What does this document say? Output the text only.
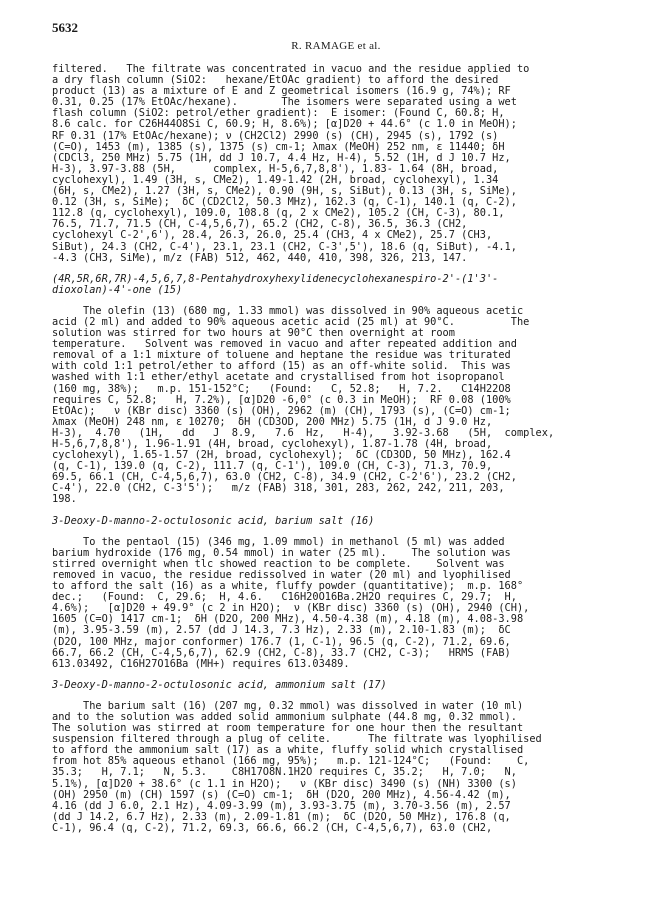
5632
R. RAMAGE et al.
filtered.   The filtrate was concentrated in vacuo and the residue applied to
a dry flash column (SiO2:   hexane/EtOAc gradient) to afford the desired
product (13) as a mixture of E and Z geometrical isomers (16.9 g, 74%); RF
0.31, 0.25 (17% EtOAc/hexane).       The isomers were separated using a wet
flash column (SiO2: petrol/ether gradient):  E isomer: (Found C, 60.8; H,
8.6 calc. for C26H44O8Si C, 60.9; H, 8.6%); [α]D20 + 44.6° (c 1.0 in MeOH);
RF 0.31 (17% EtOAc/hexane); ν (CH2Cl2) 2990 (s) (CH), 2945 (s), 1792 (s)
(C=O), 1453 (m), 1385 (s), 1375 (s) cm-1; λmax (MeOH) 252 nm, ε 11440; δH
(CDCl3, 250 MHz) 5.75 (1H, dd J 10.7, 4.4 Hz, H-4), 5.52 (1H, d J 10.7 Hz,
H-3), 3.97-3.88 (5H,      complex, H-5,6,7,8,8'), 1.83- 1.64 (8H, broad,
cyclohexyl), 1.49 (3H, s, CMe2), 1.49-1.42 (2H, broad, cyclohexyl), 1.34
(6H, s, CMe2), 1.27 (3H, s, CMe2), 0.90 (9H, s, SiBut), 0.13 (3H, s, SiMe),
0.12 (3H, s, SiMe);  δC (CD2Cl2, 50.3 MHz), 162.3 (q, C-1), 140.1 (q, C-2),
112.8 (q, cyclohexyl), 109.0, 108.8 (q, 2 x CMe2), 105.2 (CH, C-3), 80.1,
76.5, 71.7, 71.5 (CH, C-4,5,6,7), 65.2 (CH2, C-8), 36.5, 36.3 (CH2,
cyclohexyl C-2',6'), 28.4, 26.3, 26.0, 25.4 (CH3, 4 x CMe2), 25.7 (CH3,
SiBut), 24.3 (CH2, C-4'), 23.1, 23.1 (CH2, C-3',5'), 18.6 (q, SiBut), -4.1,
-4.3 (CH3, SiMe), m/z (FAB) 512, 462, 440, 410, 398, 326, 213, 147.
(4R,5R,6R,7R)-4,5,6,7,8-Pentahydroxyhexylidenecyclohexanespiro-2'-(1'3'-
dioxolan)-4'-one (15)
The olefin (13) (680 mg, 1.33 mmol) was dissolved in 90% aqueous acetic
acid (2 ml) and added to 90% aqueous acetic acid (25 ml) at 90°C.         The
solution was stirred for two hours at 90°C then overnight at room
temperature.   Solvent was removed in vacuo and after repeated addition and
removal of a 1:1 mixture of toluene and heptane the residue was triturated
with cold 1:1 petrol/ether to afford (15) as an off-white solid.  This was
washed with 1:1 ether/ethyl acetate and crystallised from hot isopropanol
(160 mg, 38%);   m.p. 151-152°C;   (Found:   C, 52.8;   H, 7.2.   C14H22O8
requires C, 52.8;   H, 7.2%), [α]D20 -6,0° (c 0.3 in MeOH);  RF 0.08 (100%
EtOAc);   ν (KBr disc) 3360 (s) (OH), 2962 (m) (CH), 1793 (s), (C=O) cm-1;
λmax (MeOH) 248 nm, ε 10270;  δH (CD3OD, 200 MHz) 5.75 (1H, d J 9.0 Hz,
H-3),  4.70   (1H,   dd   J  8.9,   7.6  Hz,   H-4),   3.92-3.68   (5H,  complex,
H-5,6,7,8,8'), 1.96-1.91 (4H, broad, cyclohexyl), 1.87-1.78 (4H, broad,
cyclohexyl), 1.65-1.57 (2H, broad, cyclohexyl);  δC (CD3OD, 50 MHz), 162.4
(q, C-1), 139.0 (q, C-2), 111.7 (q, C-1'), 109.0 (CH, C-3), 71.3, 70.9,
69.5, 66.1 (CH, C-4,5,6,7), 63.0 (CH2, C-8), 34.9 (CH2, C-2'6'), 23.2 (CH2,
C-4'), 22.0 (CH2, C-3'5');   m/z (FAB) 318, 301, 283, 262, 242, 211, 203,
198.
3-Deoxy-D-manno-2-octulosonic acid, barium salt (16)
To the pentaol (15) (346 mg, 1.09 mmol) in methanol (5 ml) was added
barium hydroxide (176 mg, 0.54 mmol) in water (25 ml).    The solution was
stirred overnight when tlc showed reaction to be complete.    Solvent was
removed in vacuo, the residue redissolved in water (20 ml) and lyophilised
to afford the salt (16) as a white, fluffy powder (quantitative);  m.p. 168°
dec.;   (Found:  C, 29.6;  H, 4.6.   C16H20O16Ba.2H2O requires C, 29.7;  H,
4.6%);   [α]D20 + 49.9° (c 2 in H2O);  ν (KBr disc) 3360 (s) (OH), 2940 (CH),
1605 (C=O) 1417 cm-1;  δH (D2O, 200 MHz), 4.50-4.38 (m), 4.18 (m), 4.08-3.98
(m), 3.95-3.59 (m), 2.57 (dd J 14.3, 7.3 Hz), 2.33 (m), 2.10-1.83 (m);  δC
(D2O, 100 MHz, major conformer) 176.7 (1, C-1), 96.5 (q, C-2), 71.2, 69.6,
66.7, 66.2 (CH, C-4,5,6,7), 62.9 (CH2, C-8), 33.7 (CH2, C-3);   HRMS (FAB)
613.03492, C16H27O16Ba (MH+) requires 613.03489.
3-Deoxy-D-manno-2-octulosonic acid, ammonium salt (17)
The barium salt (16) (207 mg, 0.32 mmol) was dissolved in water (10 ml)
and to the solution was added solid ammonium sulphate (44.8 mg, 0.32 mmol).
The solution was stirred at room temperature for one hour then the resultant
suspension filtered through a plug of celite.      The filtrate was lyophilised
to afford the ammonium salt (17) as a white, fluffy solid which crystallised
from hot 85% aqueous ethanol (166 mg, 95%);   m.p. 121-124°C;   (Found:    C,
35.3;   H, 7.1;   N, 5.3.    C8H17O8N.1H2O requires C, 35.2;   H, 7.0;   N,
5.1%), [α]D20 + 38.6° (c 1.1 in H2O);   ν (KBr disc) 3490 (s) (NH) 3300 (s)
(OH) 2950 (m) (CH) 1597 (s) (C=O) cm-1;  δH (D2O, 200 MHz), 4.56-4.42 (m),
4.16 (dd J 6.0, 2.1 Hz), 4.09-3.99 (m), 3.93-3.75 (m), 3.70-3.56 (m), 2.57
(dd J 14.2, 6.7 Hz), 2.33 (m), 2.09-1.81 (m);  δC (D2O, 50 MHz), 176.8 (q,
C-1), 96.4 (q, C-2), 71.2, 69.3, 66.6, 66.2 (CH, C-4,5,6,7), 63.0 (CH2,
